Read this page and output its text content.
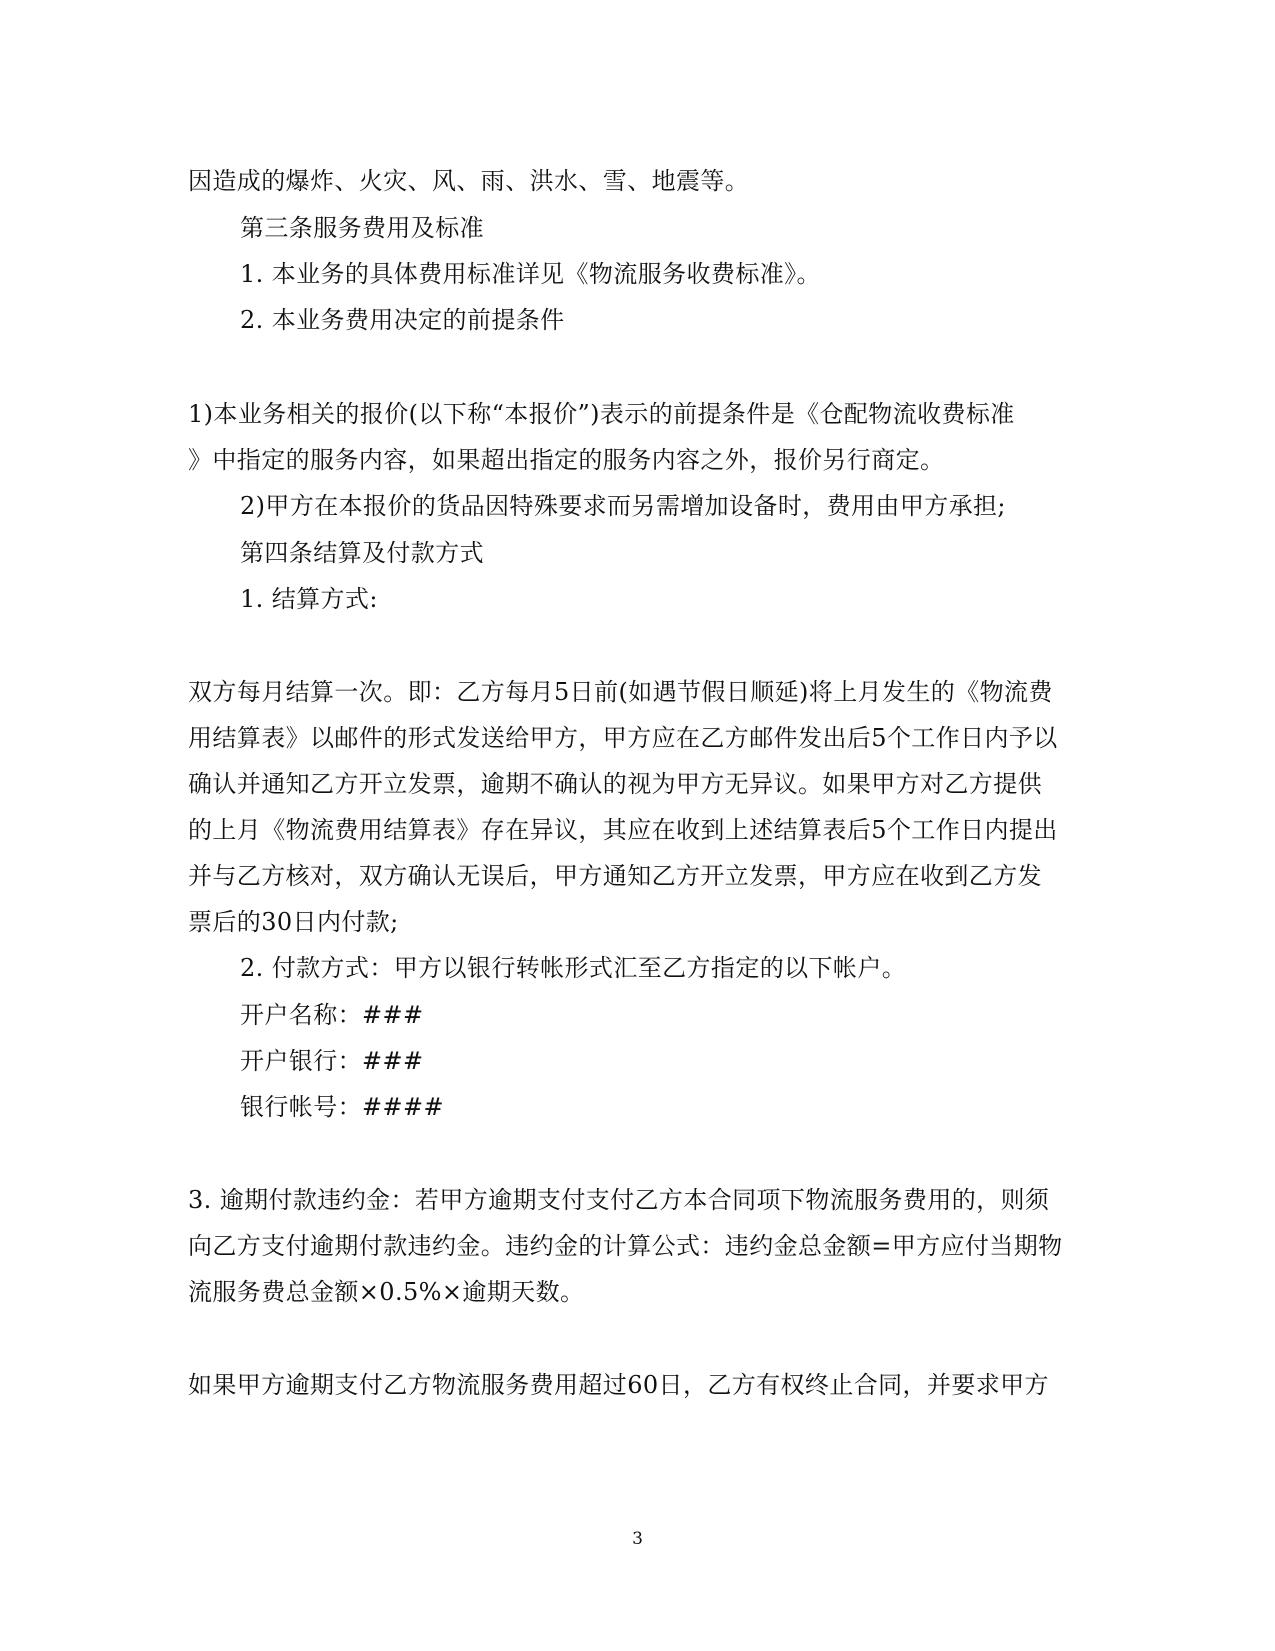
因造成的爆炸、火灾、风、雨、洪水、雪、地震等。
第三条服务费用及标准
1. 本业务的具体费用标准详见《物流服务收费标准》。
2. 本业务费用决定的前提条件
1)本业务相关的报价(以下称“本报价”)表示的前提条件是《仓配物流收费标准
》中指定的服务内容，如果超出指定的服务内容之外，报价另行商定。
2)甲方在本报价的货品因特殊要求而另需增加设备时，费用由甲方承担;
第四条结算及付款方式
1. 结算方式:
双方每月结算一次。即：乙方每月5日前(如遇节假日顺延)将上月发生的《物流费
用结算表》以邮件的形式发送给甲方，甲方应在乙方邮件发出后5个工作日内予以
确认并通知乙方开立发票，逾期不确认的视为甲方无异议。如果甲方对乙方提供
的上月《物流费用结算表》存在异议，其应在收到上述结算表后5个工作日内提出
并与乙方核对，双方确认无误后，甲方通知乙方开立发票，甲方应在收到乙方发
票后的30日内付款;
2. 付款方式：甲方以银行转帐形式汇至乙方指定的以下帐户。
开户名称：###
开户银行：###
银行帐号：####
3. 逾期付款违约金：若甲方逾期支付支付乙方本合同项下物流服务费用的，则须
向乙方支付逾期付款违约金。违约金的计算公式：违约金总金额=甲方应付当期物
流服务费总金额×0.5%×逾期天数。
如果甲方逾期支付乙方物流服务费用超过60日，乙方有权终止合同，并要求甲方
3
